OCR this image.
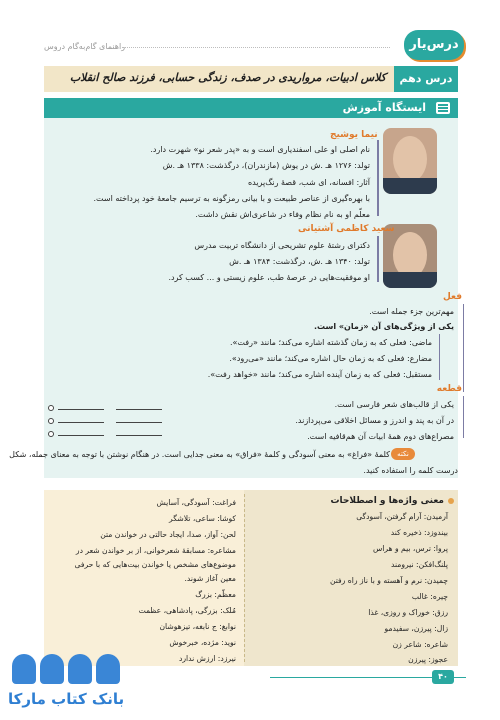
راهنمای گام‌به‌گام دروس	درس‌یار
درس دهم
کلاس ادبیات، مرواریدی در صدف، زندگی حسابی، فرزند صالح انقلاب
ایستگاه آموزش
نیما یوشیج
نام اصلی او علی اسفندیاری است و به «پدر شعر نو» شهرت دارد.
تولد: ۱۲۷۶ هـ .ش در یوش (مازندران)، درگذشت: ۱۳۳۸ هـ .ش
آثار: افسانه، ای شب، قصهٔ رنگ‌پریده
با بهره‌گیری از عناصر طبیعت و با بیانی رمزگونه به ترسیم جامعهٔ خود پرداخته است.
معلّم او به نام نظام وفاء در شاعری‌اش نقش داشت.
سعید کاظمی آشتیانی
دکترای رشتهٔ علوم تشریحی از دانشگاه تربیت مدرس
تولد: ۱۳۴۰ هـ .ش، درگذشت: ۱۳۸۴ هـ .ش
او موفقیت‌هایی در عرصهٔ طب، علوم زیستی و ... کسب کرد.
فعل
مهم‌ترین جزء جمله است.
یکی از ویژگی‌های آن «زمان» است.
ماضی: فعلی که به زمان گذشته اشاره می‌کند؛ مانند «رفت».
مضارع: فعلی که به زمان حال اشاره می‌کند؛ مانند «می‌رود».
مستقبل: فعلی که به زمان آینده اشاره می‌کند؛ مانند «خواهد رفت».
قطعه
یکی از قالب‌های شعر فارسی است.
در آن به پند و اندرز و مسائل اخلاقی می‌پردازند.
مصراع‌های دوم همهٔ ابیات آن هم‌قافیه است.
نکته
کلمهٔ «فراغ» به معنی آسودگی و کلمهٔ «فراق» به معنی جدایی است. در هنگام نوشتن با توجه به معنای جمله، شکل
درست کلمه را استفاده کنید.
معنی واژه‌ها و اصطلاحات
آرمیدن: آرام گرفتن، آسودگی
بیندوزد: ذخیره کند
پروا: ترس، بیم و هراس
پلنگ‌افکن: نیرومند
چمیدن: نرم و آهسته و با ناز راه رفتن
چیره: غالب
رزق: خوراک و روزی، غذا
زال: پیرزن، سفیدمو
شاعره: شاعر زن
عجوز: پیرزن
فراغت: آسودگی، آسایش
کوشا: ساعی، تلاشگر
لحن: آواز، صدا، ایجاد حالتی در خواندن متن
مشاعره: مسابقهٔ شعرخوانی، از بر خواندن شعر در
موضوع‌های مشخص یا خواندن بیت‌هایی که با حرفی
معین آغاز شوند.
معظّم: بزرگ
مُلک: بزرگی، پادشاهی، عظمت
نوابغ: ج نابغه، تیزهوشان
نوید: مژده، خبرخوش
نیرزد: ارزش ندارد
۴۰
بانک کتاب مارکا
